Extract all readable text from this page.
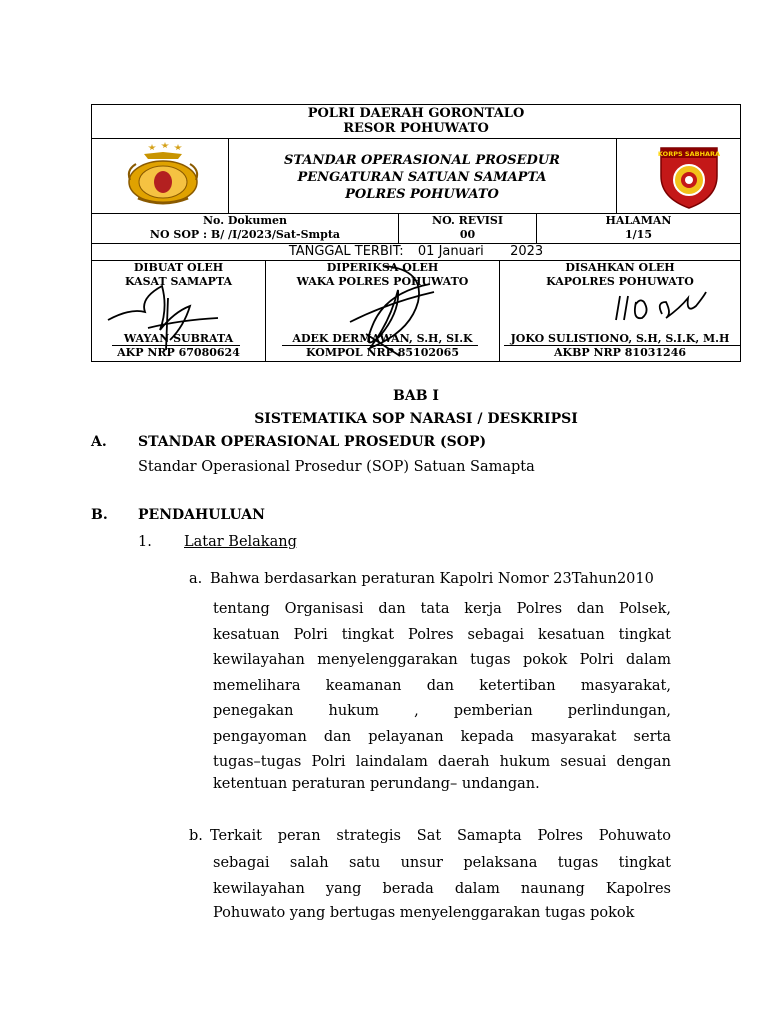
POLRI DAERAH GORONTALO
RESOR POHUWATO
STANDAR OPERASIONAL PROSEDUR
PENGATURAN SATUAN SAMAPTA
POLRES POHUWATO
KORPS SABHARA
No. Dokumen
NO SOP : B/ /I/2023/Sat-Smpta
NO. REVISI
00
HALAMAN
1/15
TANGGAL TERBIT: 01 Januari 2023
DIBUAT OLEH
KASAT SAMAPTA
WAYAN SUBRATA
AKP NRP 67080624
DIPERIKSA OLEH
WAKA POLRES POHUWATO
ADEK DERMAWAN, S.H, SI.K
KOMPOL NRP 85102065
DISAHKAN OLEH
KAPOLRES POHUWATO
JOKO SULISTIONO, S.H, S.I.K, M.H
AKBP NRP 81031246
BAB I
SISTEMATIKA SOP NARASI / DESKRIPSI
A. STANDAR OPERASIONAL PROSEDUR (SOP)
Standar Operasional Prosedur (SOP) Satuan Samapta
B. PENDAHULUAN
1. Latar Belakang
a. Bahwa berdasarkan peraturan Kapolri Nomor 23Tahun2010
tentang Organisasi dan tata kerja Polres dan Polsek,
kesatuan Polri tingkat Polres sebagai kesatuan tingkat
kewilayahan menyelenggarakan tugas pokok Polri dalam
memelihara keamanan dan ketertiban masyarakat,
penegakan hukum , pemberian perlindungan,
pengayoman dan pelayanan kepada masyarakat serta
tugas–tugas Polri laindalam daerah hukum sesuai dengan
ketentuan peraturan perundang– undangan.
b. Terkait peran strategis Sat Samapta Polres Pohuwato
sebagai salah satu unsur pelaksana tugas tingkat
kewilayahan yang berada dalam naunang Kapolres
Pohuwato yang bertugas menyelenggarakan tugas pokok
